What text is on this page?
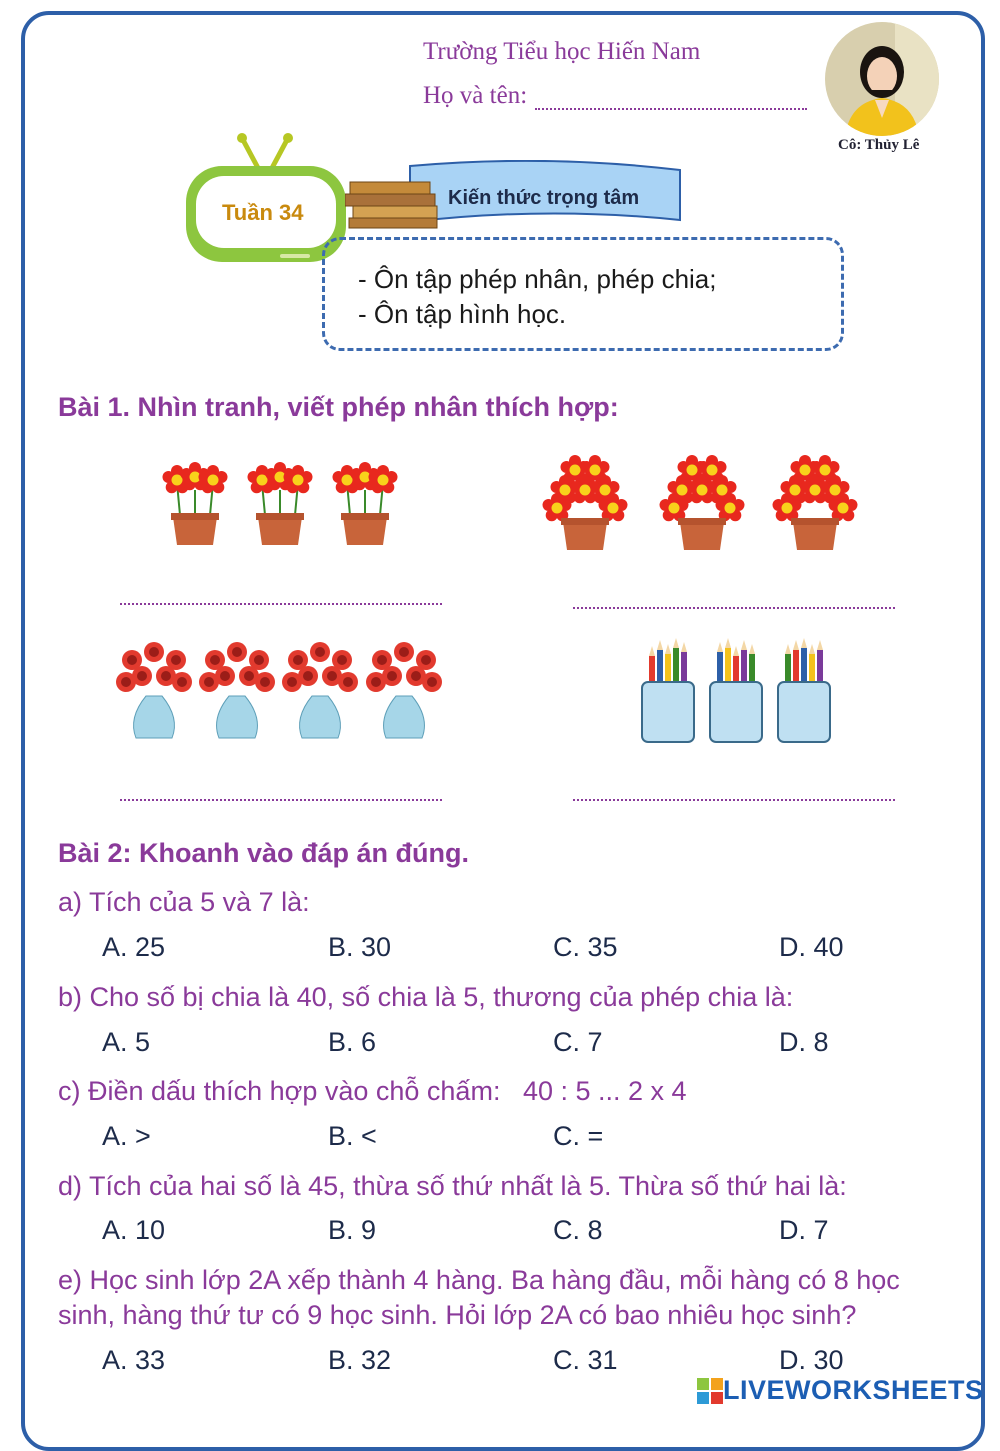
Trường Tiểu học Hiến Nam
Họ và tên:
Cô: Thủy Lê
Tuần 34
Kiến thức trọng tâm
- Ôn tập phép nhân, phép chia;
- Ôn tập hình học.
Bài 1. Nhìn tranh, viết phép nhân thích hợp:
Bài 2: Khoanh vào đáp án đúng.
a) Tích của 5 và 7 là:
A. 25	B. 30	C. 35	D. 40
b) Cho số bị chia là 40, số chia là 5, thương của phép chia là:
A. 5	B. 6	C. 7	D. 8
c) Điền dấu thích hợp vào chỗ chấm:   40 : 5 ... 2 x 4
A. >	B. <	C. =
d) Tích của hai số là 45, thừa số thứ nhất là 5. Thừa số thứ hai là:
A. 10	B. 9	C. 8	D. 7
e) Học sinh lớp 2A xếp thành 4 hàng. Ba hàng đầu, mỗi hàng có 8 học
sinh, hàng thứ tư có 9 học sinh. Hỏi lớp 2A có bao nhiêu học sinh?
A. 33	B. 32	C. 31	D. 30
LIVEWORKSHEETS
